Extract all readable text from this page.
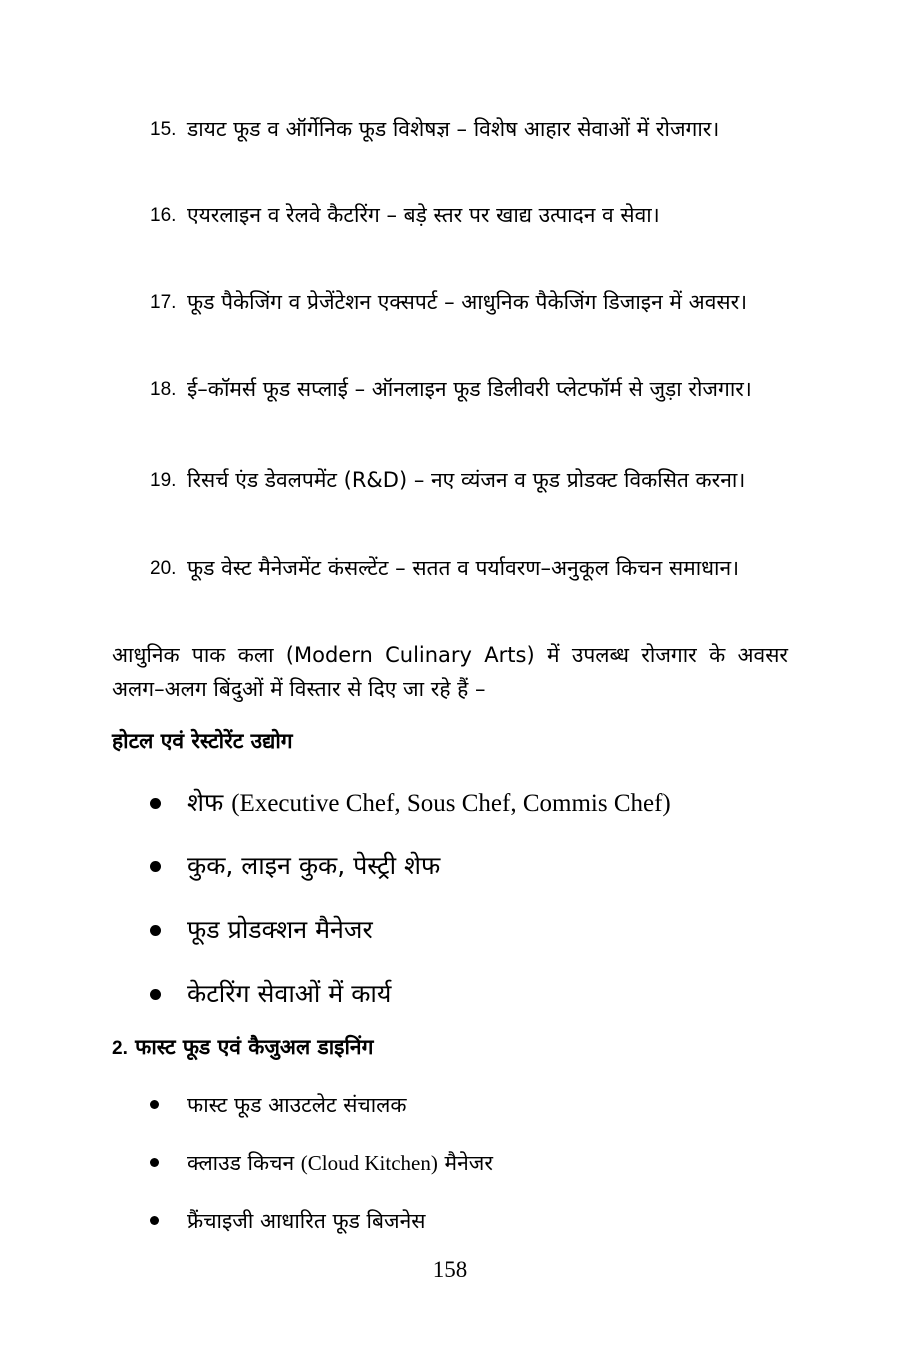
15. डायट फूड व ऑर्गेनिक फूड विशेषज्ञ – विशेष आहार सेवाओं में रोजगार।
16. एयरलाइन व रेलवे कैटरिंग – बड़े स्तर पर खाद्य उत्पादन व सेवा।
17. फूड पैकेजिंग व प्रेजेंटेशन एक्सपर्ट – आधुनिक पैकेजिंग डिजाइन में अवसर।
18. ई–कॉमर्स फूड सप्लाई – ऑनलाइन फूड डिलीवरी प्लेटफॉर्म से जुड़ा रोजगार।
19. रिसर्च एंड डेवलपमेंट (R&D) – नए व्यंजन व फूड प्रोडक्ट विकसित करना।
20. फूड वेस्ट मैनेजमेंट कंसल्टेंट – सतत व पर्यावरण–अनुकूल किचन समाधान।
आधुनिक पाक कला (Modern Culinary Arts) में उपलब्ध रोजगार के अवसर अलग–अलग बिंदुओं में विस्तार से दिए जा रहे हैं –
होटल एवं रेस्टोरेंट उद्योग
शेफ (Executive Chef, Sous Chef, Commis Chef)
कुक, लाइन कुक, पेस्ट्री शेफ
फूड प्रोडक्शन मैनेजर
केटरिंग सेवाओं में कार्य
2. फास्ट फूड एवं कैजुअल डाइनिंग
फास्ट फूड आउटलेट संचालक
क्लाउड किचन (Cloud Kitchen) मैनेजर
फ्रैंचाइजी आधारित फूड बिजनेस
158
